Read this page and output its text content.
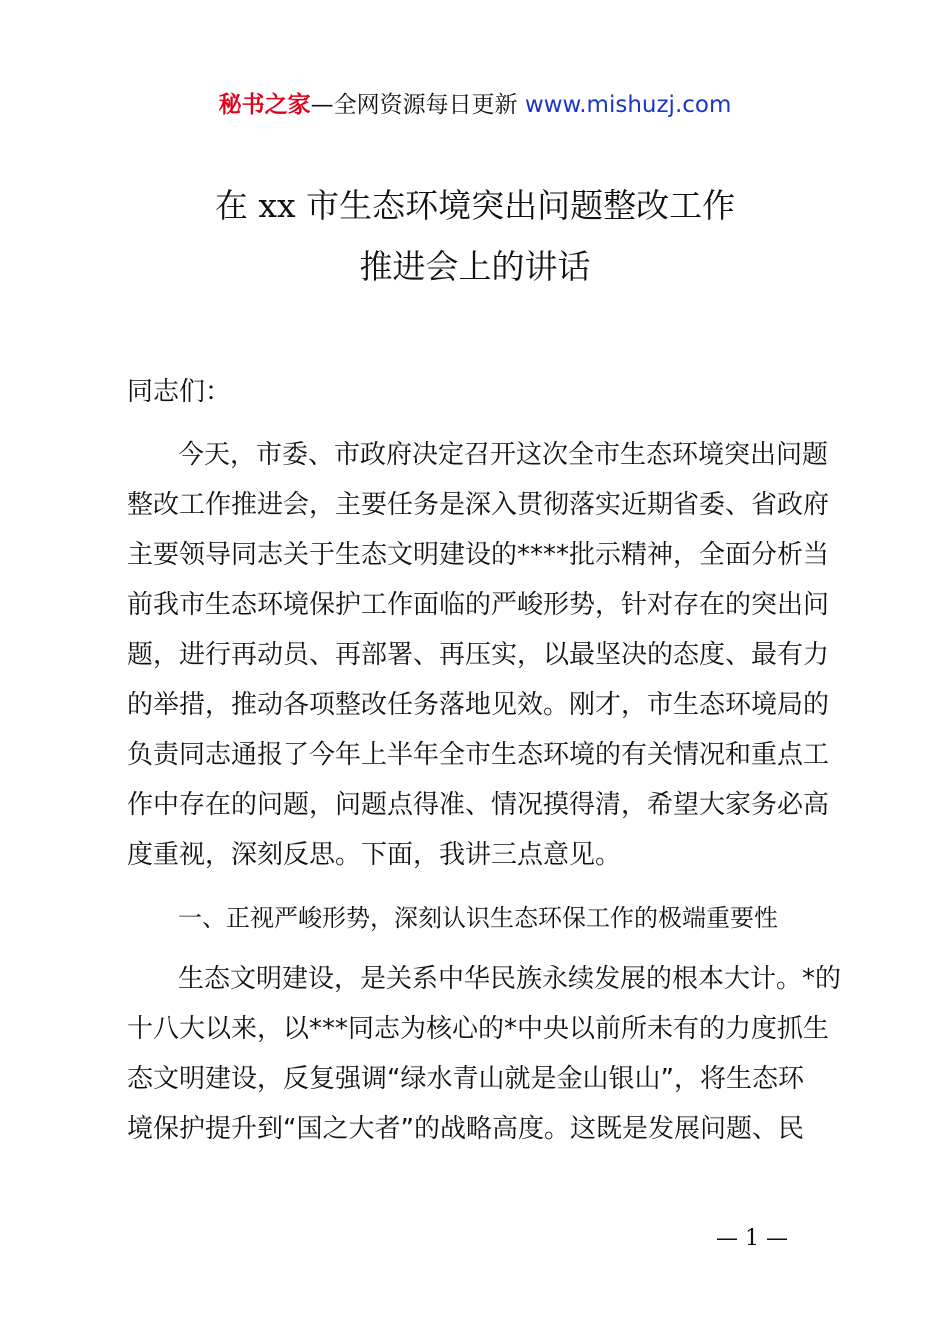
秘书之家—全网资源每日更新 www.mishuzj.com
在 xx 市生态环境突出问题整改工作
推进会上的讲话
同志们：
今天，市委、市政府决定召开这次全市生态环境突出问题
整改工作推进会，主要任务是深入贯彻落实近期省委、省政府
主要领导同志关于生态文明建设的****批示精神，全面分析当
前我市生态环境保护工作面临的严峻形势，针对存在的突出问
题，进行再动员、再部署、再压实，以最坚决的态度、最有力
的举措，推动各项整改任务落地见效。刚才，市生态环境局的
负责同志通报了今年上半年全市生态环境的有关情况和重点工
作中存在的问题，问题点得准、情况摸得清，希望大家务必高
度重视，深刻反思。下面，我讲三点意见。
一、正视严峻形势，深刻认识生态环保工作的极端重要性
生态文明建设，是关系中华民族永续发展的根本大计。*的
十八大以来，以***同志为核心的*中央以前所未有的力度抓生
态文明建设，反复强调“绿水青山就是金山银山”，将生态环
境保护提升到“国之大者”的战略高度。这既是发展问题、民
— 1 —
